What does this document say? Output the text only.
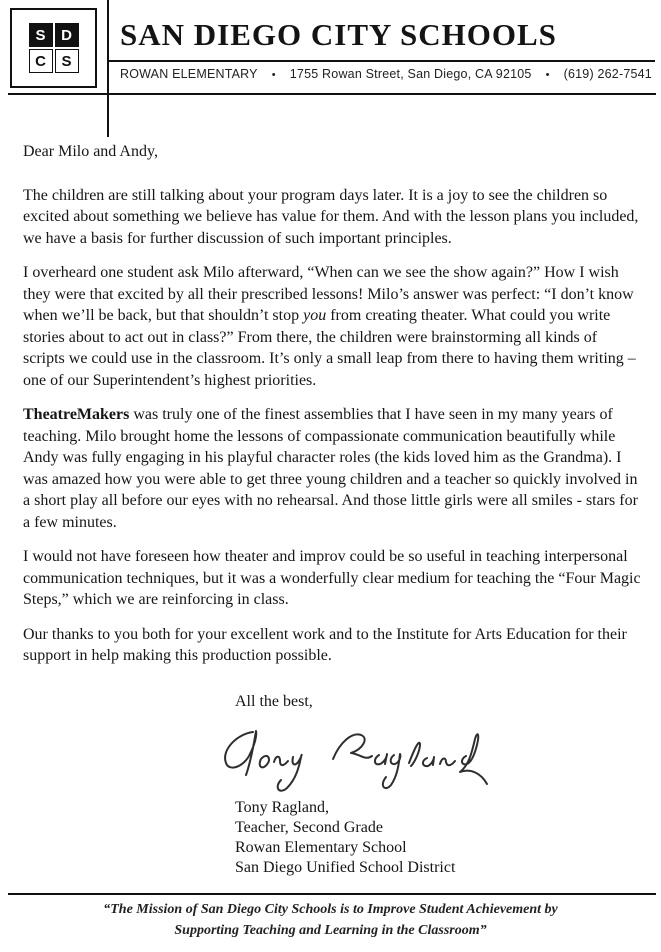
S	D
C	S
SAN DIEGO CITY SCHOOLS
ROWAN ELEMENTARY • 1755 Rowan Street, San Diego, CA 92105 • (619) 262-7541

Dear Milo and Andy,

The children are still talking about your program days later. It is a joy to see the children so excited about something we believe has value for them. And with the lesson plans you included, we have a basis for further discussion of such important principles.

I overheard one student ask Milo afterward, “When can we see the show again?” How I wish they were that excited by all their prescribed lessons! Milo’s answer was perfect: “I don’t know when we’ll be back, but that shouldn’t stop you from creating theater. What could you write stories about to act out in class?” From there, the children were brainstorming all kinds of scripts we could use in the classroom. It’s only a small leap from there to having them writing – one of our Superintendent’s highest priorities.

TheatreMakers was truly one of the finest assemblies that I have seen in my many years of teaching. Milo brought home the lessons of compassionate communication beautifully while Andy was fully engaging in his playful character roles (the kids loved him as the Grandma). I was amazed how you were able to get three young children and a teacher so quickly involved in a short play all before our eyes with no rehearsal. And those little girls were all smiles - stars for a few minutes.

I would not have foreseen how theater and improv could be so useful in teaching interpersonal communication techniques, but it was a wonderfully clear medium for teaching the “Four Magic Steps,” which we are reinforcing in class.

Our thanks to you both for your excellent work and to the Institute for Arts Education for their support in help making this production possible.

All the best,

Tony Ragland,
Teacher, Second Grade
Rowan Elementary School
San Diego Unified School District
“The Mission of San Diego City Schools is to Improve Student Achievement by
Supporting Teaching and Learning in the Classroom”
